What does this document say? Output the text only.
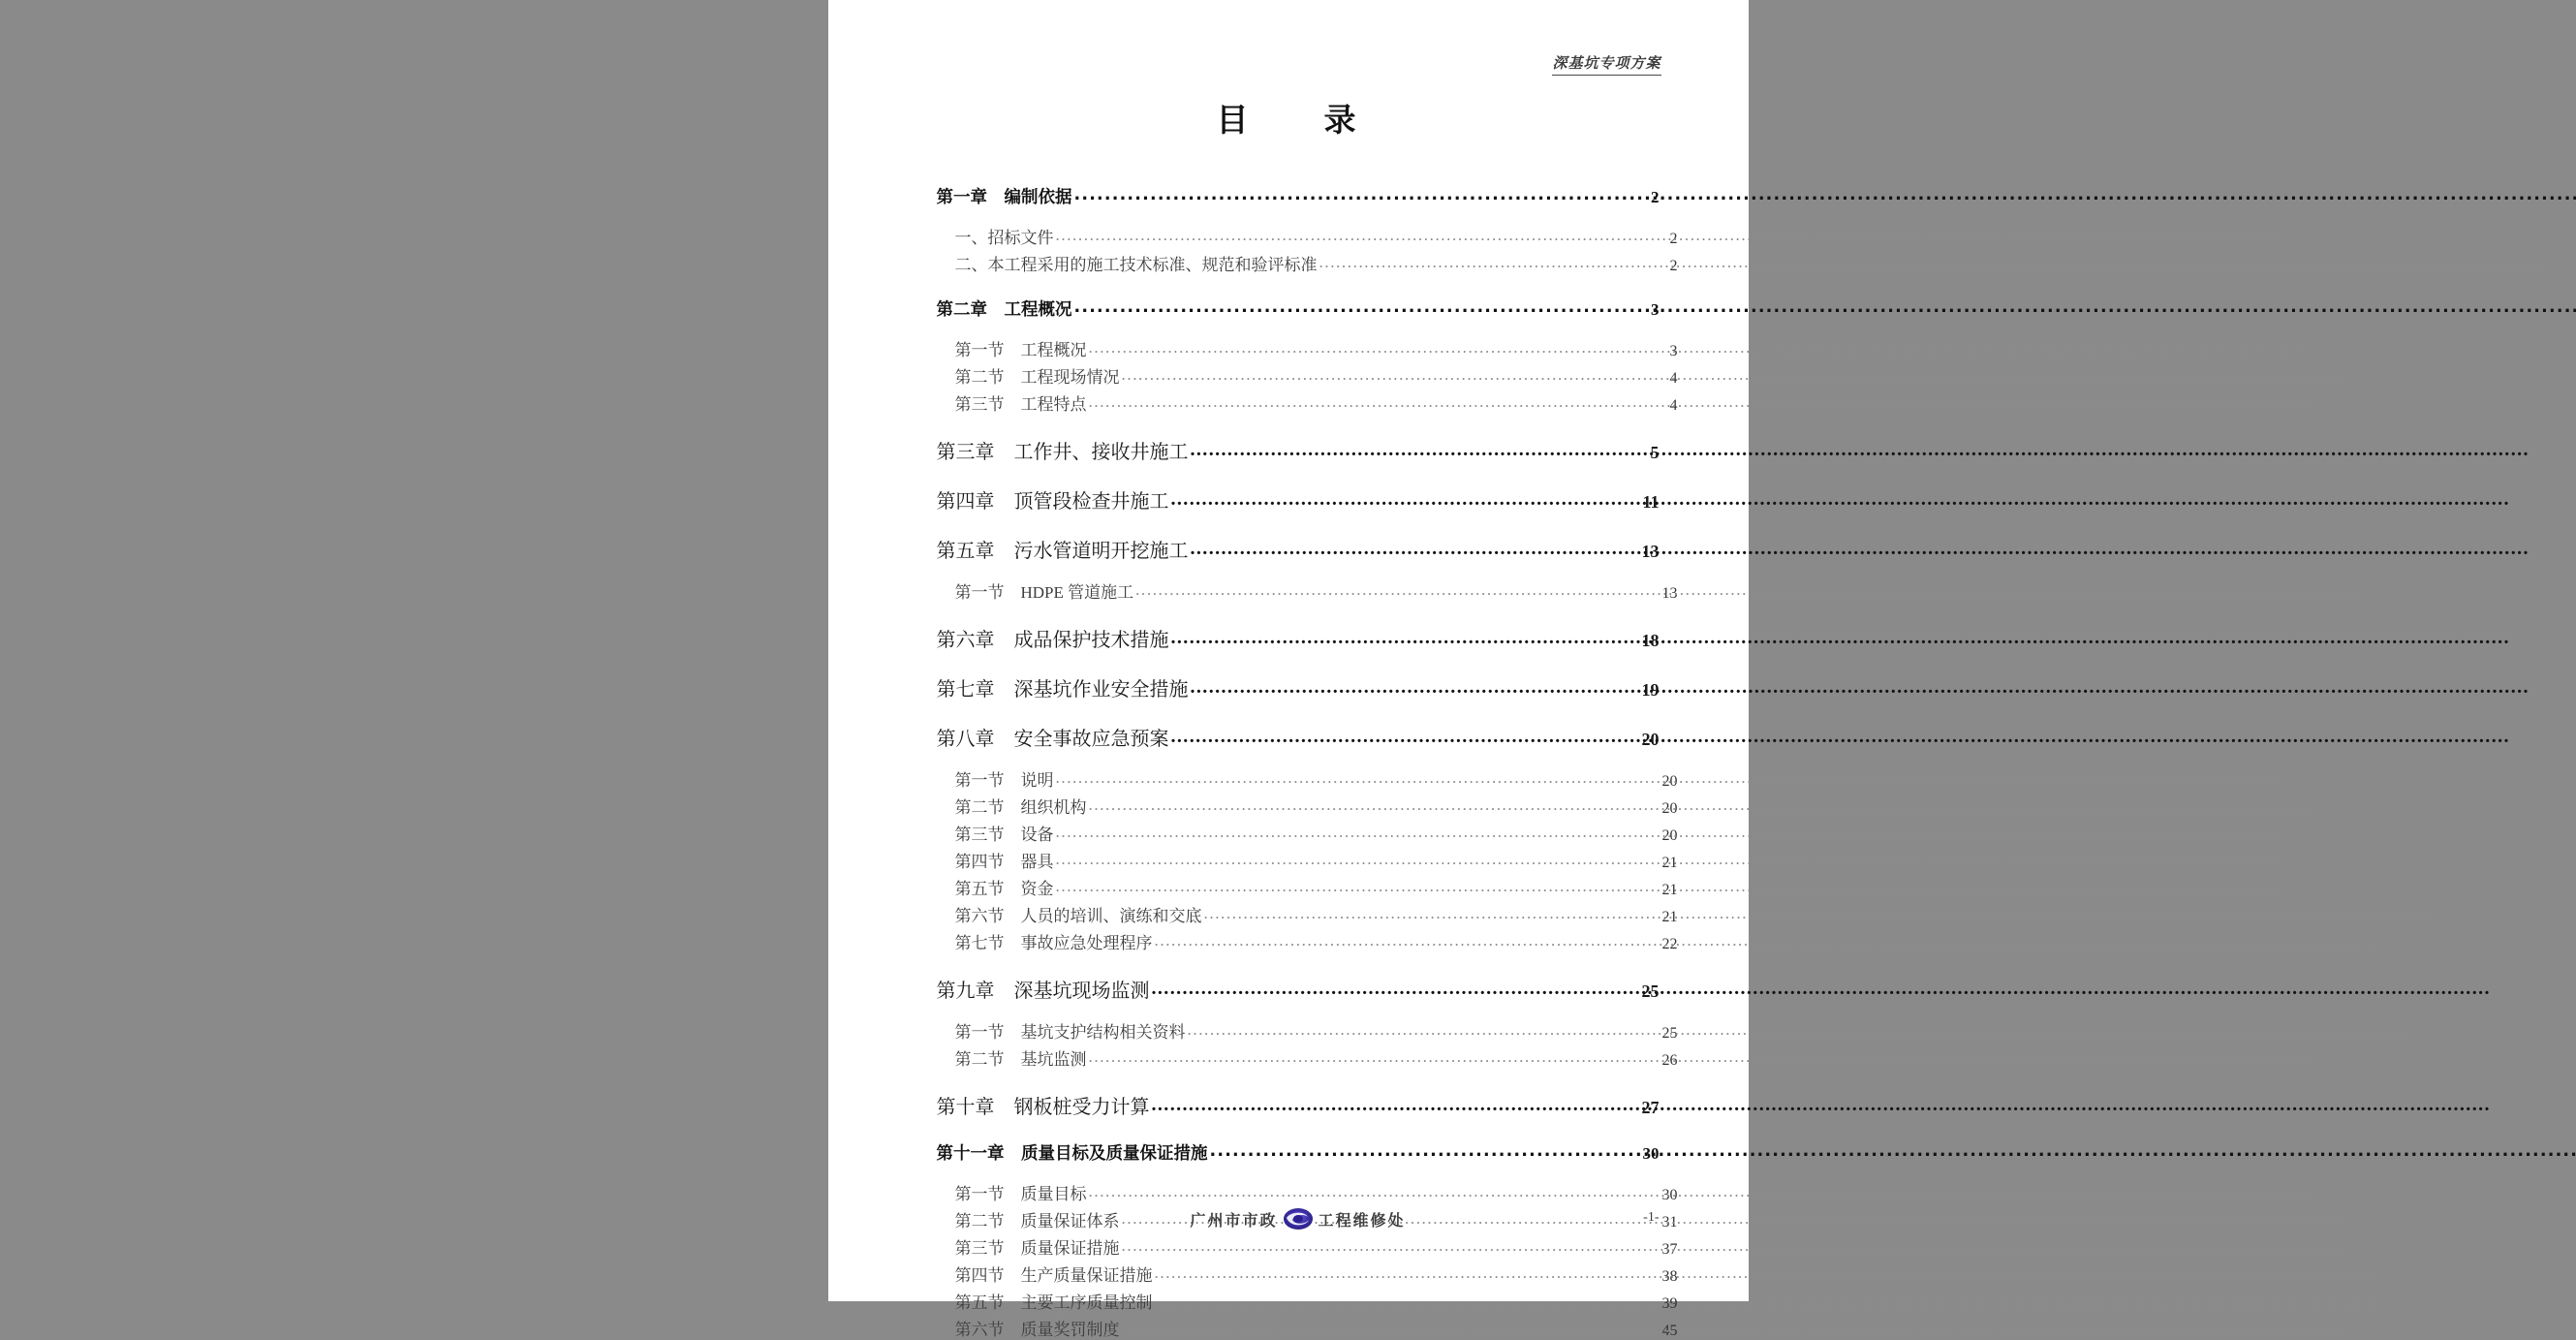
深基坑专项方案
目　　录
第一章　编制依据 .....	2
一、招标文件 .....	2
二、本工程采用的施工技术标准、规范和验评标准 .....	2
第二章　工程概况 .....	3
第一节　工程概况 .....	3
第二节　工程现场情况 .....	4
第三节　工程特点 .....	4
第三章　工作井、接收井施工 .....	5
第四章　顶管段检查井施工 .....	11
第五章　污水管道明开挖施工 .....	13
第一节　HDPE 管道施工 .....	13
第六章　成品保护技术措施 .....	18
第七章　深基坑作业安全措施 .....	19
第八章　安全事故应急预案 .....	20
第一节　说明 .....	20
第二节　组织机构 .....	20
第三节　设备 .....	20
第四节　器具 .....	21
第五节　资金 .....	21
第六节　人员的培训、演练和交底 .....	21
第七节　事故应急处理程序 .....	22
第九章　深基坑现场监测 .....	25
第一节　基坑支护结构相关资料 .....	25
第二节　基坑监测 .....	26
第十章　钢板桩受力计算 .....	27
第十一章　质量目标及质量保证措施 .....	30
第一节　质量目标 .....	30
第二节　质量保证体系 .....	31
第三节　质量保证措施 .....	37
第四节　生产质量保证措施 .....	38
第五节　主要工序质量控制 .....	39
第六节　质量奖罚制度 .....	45
广州市市政	工程维修处	-1-
